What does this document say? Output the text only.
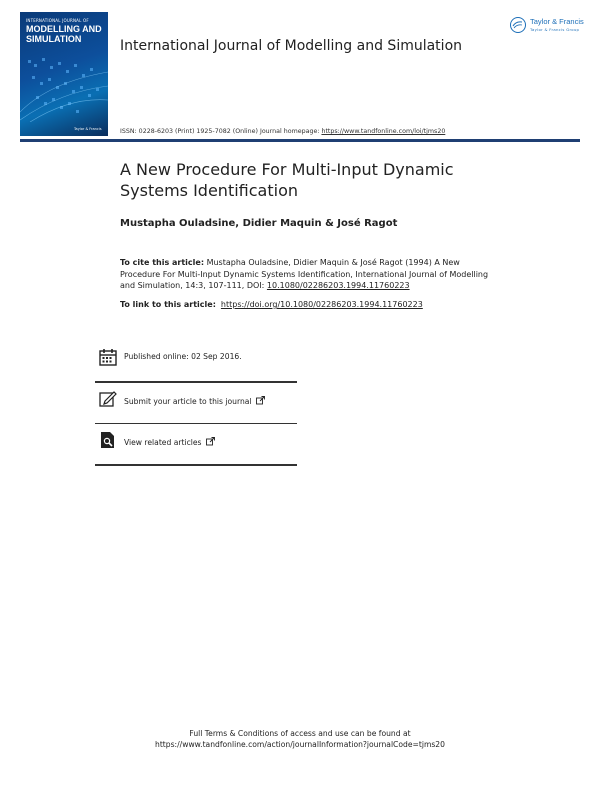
INTERNATIONAL JOURNAL OF
MODELLING AND SIMULATION
Taylor & Francis
International Journal of Modelling and Simulation
Taylor & Francis
Taylor & Francis Group
ISSN: 0228-6203 (Print) 1925-7082 (Online) Journal homepage: https://www.tandfonline.com/loi/tjms20
A New Procedure For Multi-Input Dynamic Systems Identification
Mustapha Ouladsine, Didier Maquin & José Ragot
To cite this article: Mustapha Ouladsine, Didier Maquin & José Ragot (1994) A New Procedure For Multi-Input Dynamic Systems Identification, International Journal of Modelling and Simulation, 14:3, 107-111, DOI: 10.1080/02286203.1994.11760223
To link to this article: https://doi.org/10.1080/02286203.1994.11760223
Published online: 02 Sep 2016.
Submit your article to this journal
View related articles
Full Terms & Conditions of access and use can be found at
https://www.tandfonline.com/action/journalInformation?journalCode=tjms20
